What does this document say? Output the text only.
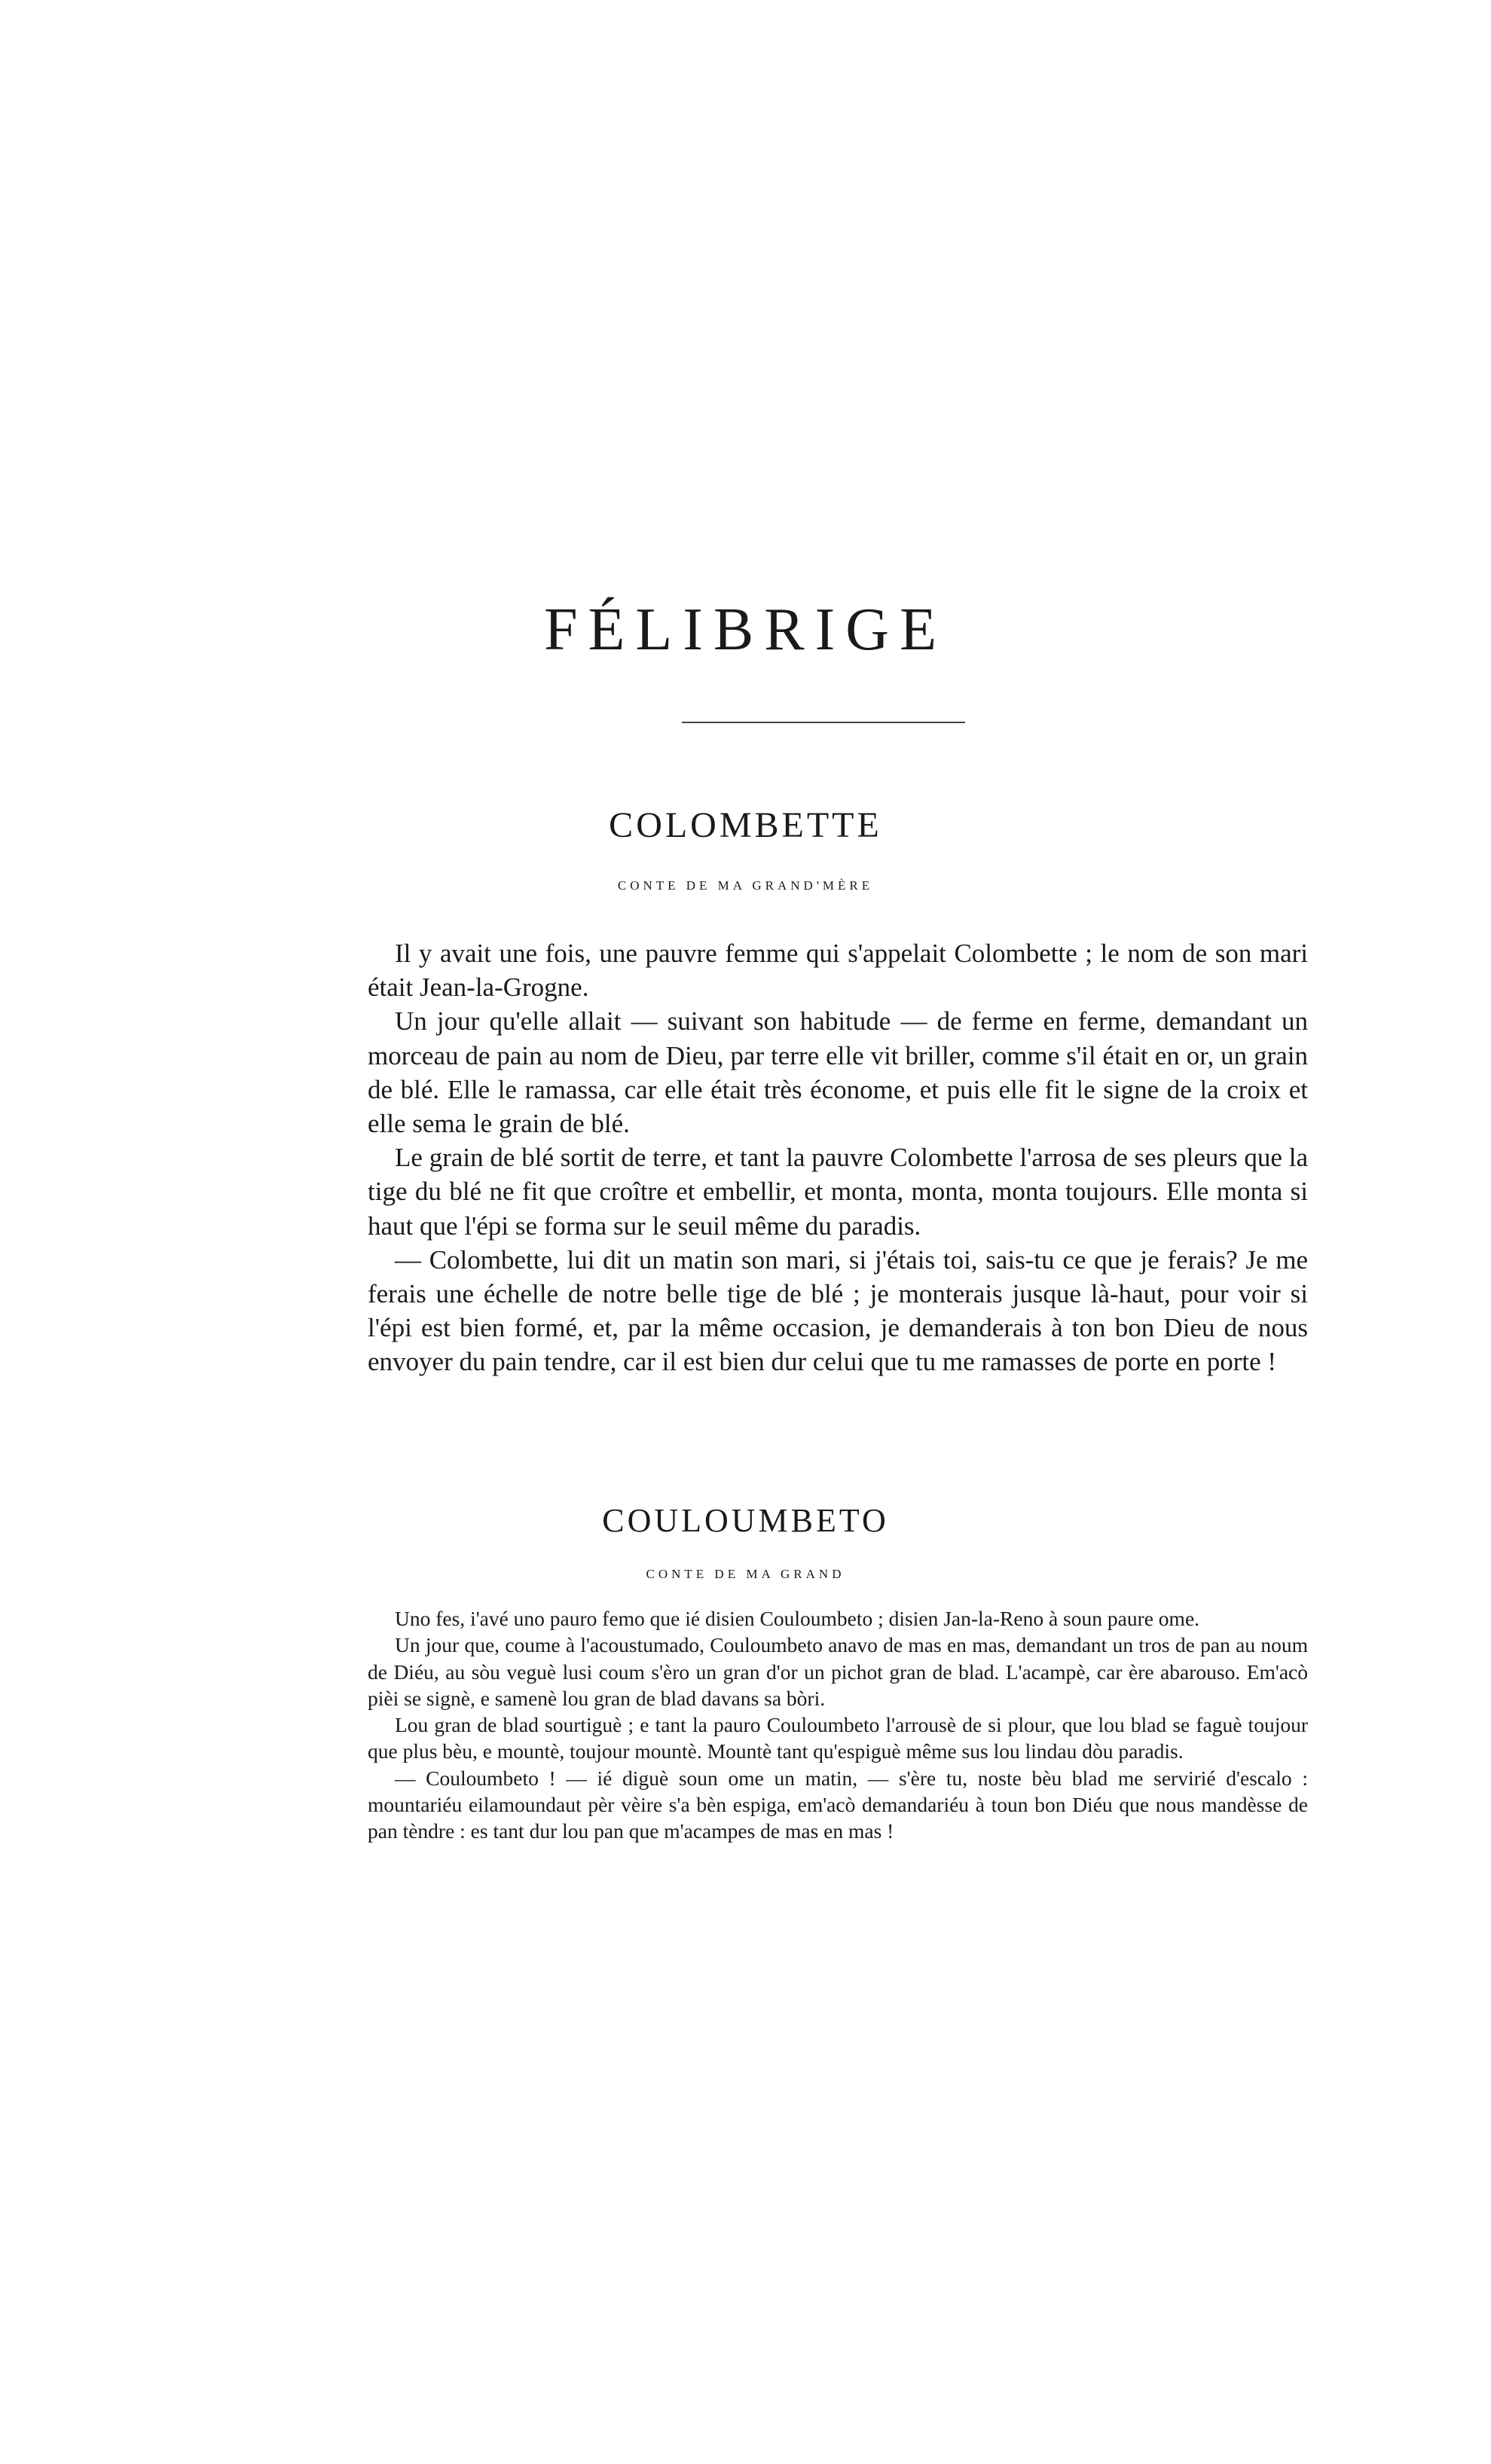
FÉLIBRIGE
COLOMBETTE
CONTE DE MA GRAND'MÈRE

Il y avait une fois, une pauvre femme qui s'appelait Colombette ; le nom de son mari était Jean-la-Grogne.

Un jour qu'elle allait — suivant son habitude — de ferme en ferme, demandant un morceau de pain au nom de Dieu, par terre elle vit briller, comme s'il était en or, un grain de blé. Elle le ramassa, car elle était très économe, et puis elle fit le signe de la croix et elle sema le grain de blé.

Le grain de blé sortit de terre, et tant la pauvre Colombette l'arrosa de ses pleurs que la tige du blé ne fit que croître et embellir, et monta, monta, monta toujours. Elle monta si haut que l'épi se forma sur le seuil même du paradis.

— Colombette, lui dit un matin son mari, si j'étais toi, sais-tu ce que je ferais? Je me ferais une échelle de notre belle tige de blé ; je monterais jusque là-haut, pour voir si l'épi est bien formé, et, par la même occasion, je demanderais à ton bon Dieu de nous envoyer du pain tendre, car il est bien dur celui que tu me ramasses de porte en porte !

COULOUMBETO
CONTE DE MA GRAND

Uno fes, i'avé uno pauro femo que ié disien Couloumbeto ; disien Jan-la-Reno à soun paure ome.

Un jour que, coume à l'acoustumado, Couloumbeto anavo de mas en mas, demandant un tros de pan au noum de Diéu, au sòu veguè lusi coum s'èro un gran d'or un pichot gran de blad. L'acampè, car ère abarouso. Em'acò pièi se signè, e samenè lou gran de blad davans sa bòri.

Lou gran de blad sourtiguè ; e tant la pauro Couloumbeto l'arrousè de si plour, que lou blad se faguè toujour que plus bèu, e mountè, toujour mountè. Mountè tant qu'espiguè même sus lou lindau dòu paradis.

— Couloumbeto ! — ié diguè soun ome un matin, — s'ère tu, noste bèu blad me servirié d'escalo : mountariéu eilamoundaut pèr vèire s'a bèn espiga, em'acò demandariéu à toun bon Diéu que nous mandèsse de pan tèndre : es tant dur lou pan que m'acampes de mas en mas !
